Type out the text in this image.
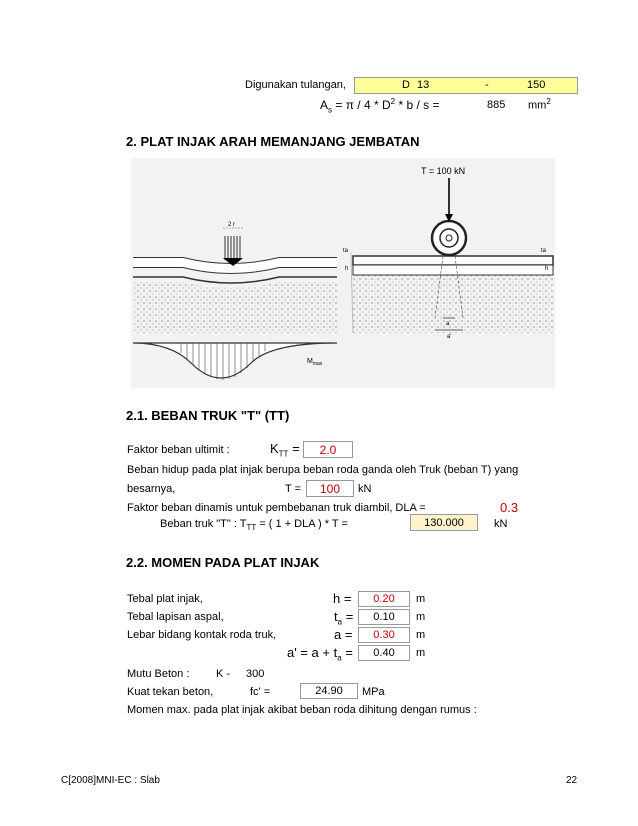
Digunakan tulangan,	D 13	-	150
$A_s = \pi / 4 * D^2 * b / s$ =	885 $mm^2$
2. PLAT INJAK ARAH MEMANJANG JEMBATAN
2 r
T = 100 kN
a
a'
ta	ta
h	h
$M_{max}$
2.1. BEBAN TRUK "T" (TT)
Faktor beban ultimit :	$K_{TT}$ =	2.0
Beban hidup pada plat injak berupa beban roda ganda oleh Truk (beban T) yang
besarnya,	T =	100	kN
Faktor beban dinamis untuk pembebanan truk diambil, DLA =	0.3
Beban truk "T" : $T_{TT}$ = ( 1 + DLA ) * T =	130.000	kN
2.2. MOMEN PADA PLAT INJAK
Tebal plat injak,	h =	0.20	m
Tebal lapisan aspal,	$t_a$ =	0.10	m
Lebar bidang kontak roda truk,	a =	0.30	m
$a' = a + t_a$ =	0.40	m
Mutu Beton : K - 300
Kuat tekan beton,	fc' =	24.90	MPa
Momen max. pada plat injak akibat beban roda dihitung dengan rumus :
C[2008]MNI-EC : Slab	22
